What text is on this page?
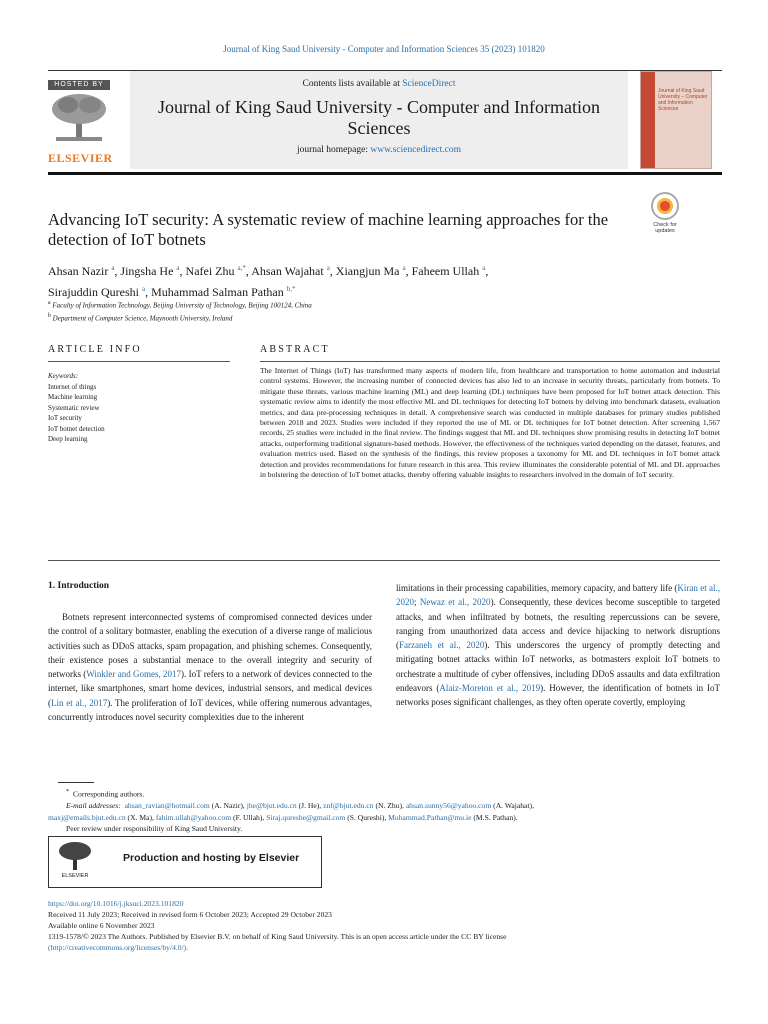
Journal of King Saud University - Computer and Information Sciences 35 (2023) 101820
HOSTED BY
ELSEVIER
Contents lists available at ScienceDirect
Journal of King Saud University - Computer and Information Sciences
journal homepage: www.sciencedirect.com
Journal of King Saud University – Computer and Information Sciences
Advancing IoT security: A systematic review of machine learning approaches for the detection of IoT botnets
Check for
updates
Ahsan Nazir $^a$, Jingsha He $^a$, Nafei Zhu $^{a,*}$, Ahsan Wajahat $^a$, Xiangjun Ma $^a$, Faheem Ullah $^a$,
Sirajuddin Qureshi $^a$, Muhammad Salman Pathan $^{b,*}$
$^a$ Faculty of Information Technology, Beijing University of Technology, Beijing 100124, China
$^b$ Department of Computer Science, Maynooth University, Ireland
ARTICLE INFO
Keywords:
Internet of things
Machine learning
Systematic review
IoT security
IoT botnet detection
Deep learning
ABSTRACT
The Internet of Things (IoT) has transformed many aspects of modern life, from healthcare and transportation to home automation and industrial control systems. However, the increasing number of connected devices has also led to an increase in security threats, particularly from botnets. To mitigate these threats, various machine learning (ML) and deep learning (DL) techniques have been proposed for IoT botnet attack detection. This systematic review aims to identify the most effective ML and DL techniques for detecting IoT botnets by delving into benchmark datasets, evaluation metrics, and data pre-processing techniques in detail. A comprehensive search was conducted in multiple databases for primary studies published between 2018 and 2023. Studies were included if they reported the use of ML or DL techniques for IoT botnet detection. After screening 1,567 records, 25 studies were included in the final review. The findings suggest that ML and DL techniques show promising results in detecting IoT botnet attacks, outperforming traditional signature-based methods. However, the effectiveness of the techniques varied depending on the dataset, features, and evaluation metrics used. Based on the synthesis of the findings, this review proposes a taxonomy for ML and DL techniques in IoT botnet attack detection and provides recommendations for future research in this area. This review illuminates the considerable potential of ML and DL approaches in bolstering the detection of IoT botnet attacks, thereby offering valuable insights to researchers involved in the domain of IoT security.
1. Introduction
Botnets represent interconnected systems of compromised connected devices under the control of a solitary botmaster, enabling the execution of a diverse range of malicious activities such as DDoS attacks, spam propagation, and phishing schemes. Consequently, their existence poses a substantial menace to the overall integrity and security of networks (Winkler and Gomes, 2017). IoT refers to a network of devices connected to the internet, like smartphones, smart home devices, industrial sensors, and medical devices (Lin et al., 2017). The proliferation of IoT devices, while offering numerous advantages, concurrently introduces novel security complexities due to the inherent
limitations in their processing capabilities, memory capacity, and battery life (Kiran et al., 2020; Newaz et al., 2020). Consequently, these devices become susceptible to targeted attacks, and when infiltrated by botnets, the resulting repercussions can be severe, ranging from unauthorized data access and device hijacking to network disruptions (Farzaneh et al., 2020). This underscores the urgency of promptly detecting and mitigating botnet attacks within IoT networks, as botmasters exploit IoT botnets to orchestrate a multitude of cyber offensives, including DDoS assaults and data exfiltration endeavors (Alaiz-Moreton et al., 2019). However, the identification of botnets in IoT networks poses significant challenges, as they often operate covertly, employing
* Corresponding authors.
E-mail addresses: ahsan_ravian@hotmail.com (A. Nazir), jhe@bjut.edu.cn (J. He), znf@bjut.edu.cn (N. Zhu), ahsan.sunny56@yahoo.com (A. Wajahat),
maxj@emails.bjut.edu.cn (X. Ma), fahim.ullah@yahoo.com (F. Ullah), Siraj.qureshe@gmail.com (S. Qureshi), Muhammad.Pathan@mu.ie (M.S. Pathan).
Peer review under responsibility of King Saud University.
ELSEVIER
Production and hosting by Elsevier
https://doi.org/10.1016/j.jksuci.2023.101820
Received 11 July 2023; Received in revised form 6 October 2023; Accepted 29 October 2023
Available online 6 November 2023
1319-1578/© 2023 The Authors. Published by Elsevier B.V. on behalf of King Saud University. This is an open access article under the CC BY license
(http://creativecommons.org/licenses/by/4.0/).
